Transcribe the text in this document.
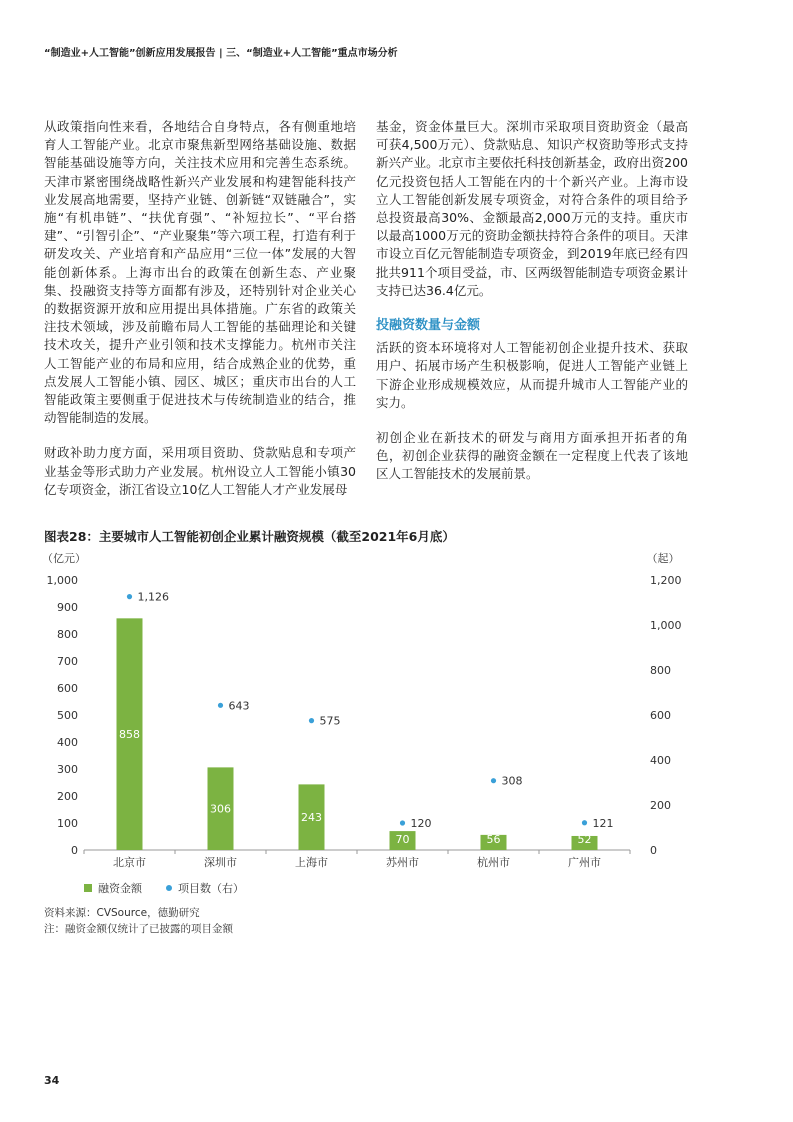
“制造业+人工智能”创新应用发展报告 | 三、“制造业+人工智能”重点市场分析

从政策指向性来看，各地结合自身特点，各有侧重地培育人工智能产业。北京市聚焦新型网络基础设施、数据智能基础设施等方向，关注技术应用和完善生态系统。天津市紧密围绕战略性新兴产业发展和构建智能科技产业发展高地需要，坚持产业链、创新链“双链融合”，实施“有机串链”、“扶优育强”、“补短拉长”、“平台搭建”、“引智引企”、“产业聚集”等六项工程，打造有利于研发攻关、产业培育和产品应用“三位一体”发展的大智能创新体系。上海市出台的政策在创新生态、产业聚集、投融资支持等方面都有涉及，还特别针对企业关心的数据资源开放和应用提出具体措施。广东省的政策关注技术领域，涉及前瞻布局人工智能的基础理论和关键技术攻关，提升产业引领和技术支撑能力。杭州市关注人工智能产业的布局和应用，结合成熟企业的优势，重点发展人工智能小镇、园区、城区；重庆市出台的人工智能政策主要侧重于促进技术与传统制造业的结合，推动智能制造的发展。

财政补助力度方面，采用项目资助、贷款贴息和专项产业基金等形式助力产业发展。杭州设立人工智能小镇30亿专项资金，浙江省设立10亿人工智能人才产业发展母

基金，资金体量巨大。深圳市采取项目资助资金（最高可获4,500万元）、贷款贴息、知识产权资助等形式支持新兴产业。北京市主要依托科技创新基金，政府出资200亿元投资包括人工智能在内的十个新兴产业。上海市设立人工智能创新发展专项资金，对符合条件的项目给予总投资最高30%、金额最高2,000万元的支持。重庆市以最高1000万元的资助金额扶持符合条件的项目。天津市设立百亿元智能制造专项资金，到2019年底已经有四批共911个项目受益，市、区两级智能制造专项资金累计支持已达36.4亿元。

投融资数量与金额

活跃的资本环境将对人工智能初创企业提升技术、获取用户、拓展市场产生积极影响，促进人工智能产业链上下游企业形成规模效应，从而提升城市人工智能产业的实力。

初创企业在新技术的研发与商用方面承担开拓者的角色，初创企业获得的融资金额在一定程度上代表了该地区人工智能技术的发展前景。

图表28：主要城市人工智能初创企业累计融资规模（截至2021年6月底）
（亿元）	（起）
0
100
200
300
400
500
600
700
800
900
1,000
0
200
400
600
800
1,000
1,200
858
北京市
1,126
306
深圳市
643
243
上海市
575
70
苏州市
120
56
杭州市
308
52
广州市
121
融资金额	项目数（右）
资料来源：CVSource，德勤研究
注：融资金额仅统计了已披露的项目金额
34
